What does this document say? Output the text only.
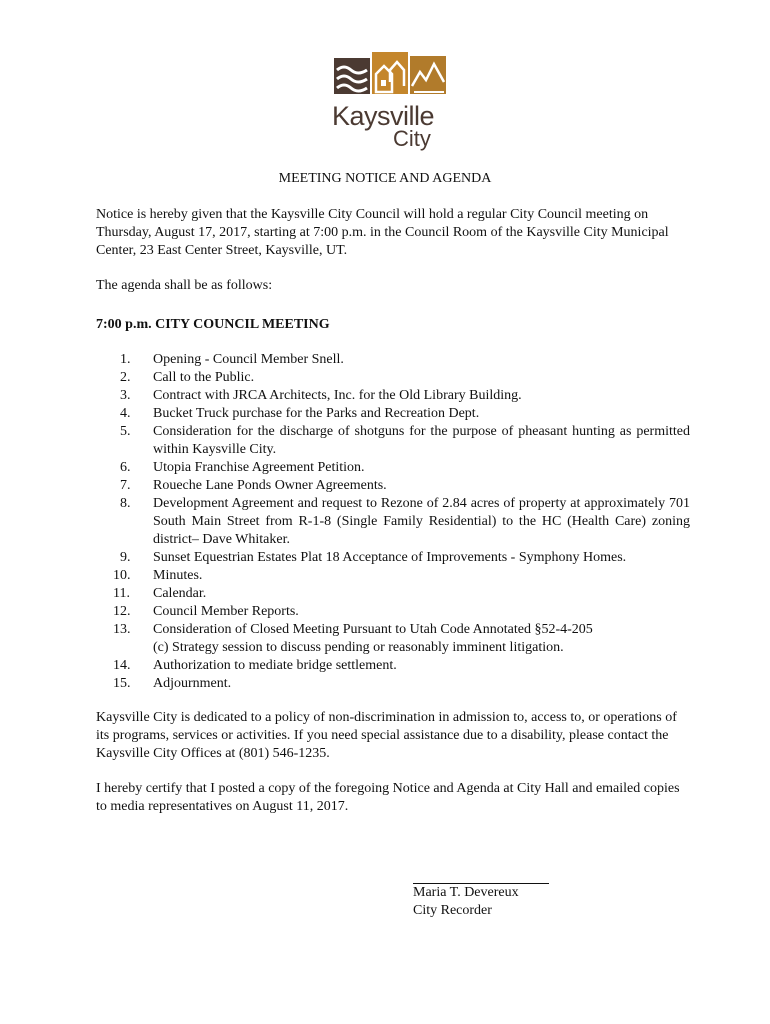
Kaysville
City
MEETING NOTICE AND AGENDA
Notice is hereby given that the Kaysville City Council will hold a regular City Council meeting on Thursday, August 17, 2017, starting at 7:00 p.m. in the Council Room of the Kaysville City Municipal Center, 23 East Center Street, Kaysville, UT.
The agenda shall be as follows:
7:00 p.m. CITY COUNCIL MEETING
1.	Opening - Council Member Snell.
2.	Call to the Public.
3.	Contract with JRCA Architects, Inc. for the Old Library Building.
4.	Bucket Truck purchase for the Parks and Recreation Dept.
5.	Consideration for the discharge of shotguns for the purpose of pheasant hunting as permitted within Kaysville City.
6.	Utopia Franchise Agreement Petition.
7.	Roueche Lane Ponds Owner Agreements.
8.	Development Agreement and request to Rezone of 2.84 acres of property at approximately 701 South Main Street from R-1-8 (Single Family Residential) to the HC (Health Care) zoning district– Dave Whitaker.
9.	Sunset Equestrian Estates Plat 18 Acceptance of Improvements - Symphony Homes.
10.	Minutes.
11.	Calendar.
12.	Council Member Reports.
13.	Consideration of Closed Meeting Pursuant to Utah Code Annotated §52-4-205
(c) Strategy session to discuss pending or reasonably imminent litigation.
14.	Authorization to mediate bridge settlement.
15.	Adjournment.
Kaysville City is dedicated to a policy of non-discrimination in admission to, access to, or operations of its programs, services or activities. If you need special assistance due to a disability, please contact the Kaysville City Offices at (801) 546-1235.
I hereby certify that I posted a copy of the foregoing Notice and Agenda at City Hall and emailed copies to media representatives on August 11, 2017.
Maria T. Devereux
City Recorder
